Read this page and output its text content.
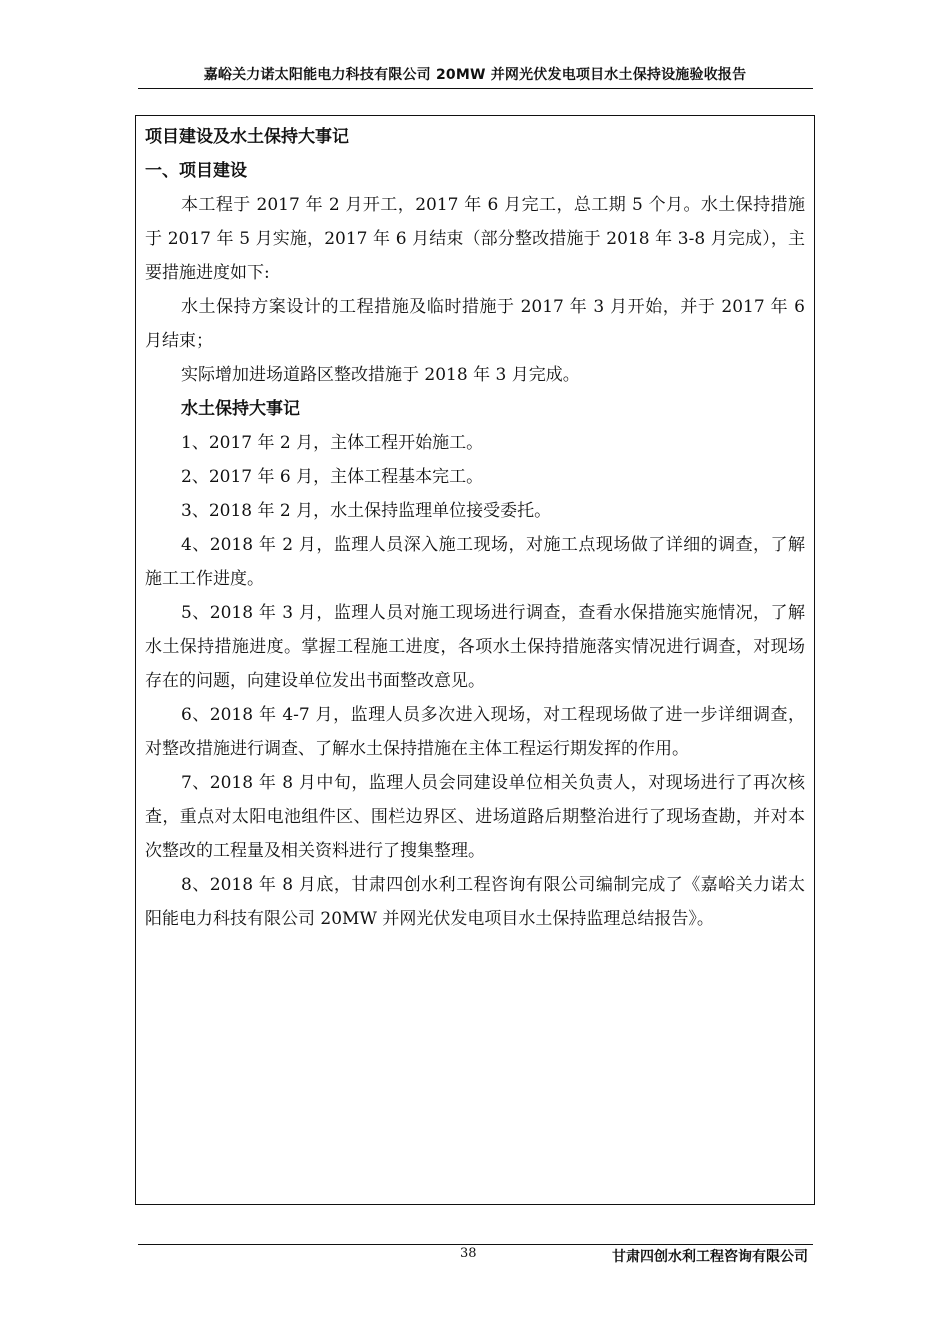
嘉峪关力诺太阳能电力科技有限公司 20MW 并网光伏发电项目水土保持设施验收报告

项目建设及水土保持大事记

一、项目建设

本工程于 2017 年 2 月开工，2017 年 6 月完工，总工期 5 个月。水土保持措施于 2017 年 5 月实施，2017 年 6 月结束（部分整改措施于 2018 年 3-8 月完成），主要措施进度如下:

水土保持方案设计的工程措施及临时措施于 2017 年 3 月开始，并于 2017 年 6 月结束；

实际增加进场道路区整改措施于 2018 年 3 月完成。

水土保持大事记

1、2017 年 2 月，主体工程开始施工。

2、2017 年 6 月，主体工程基本完工。

3、2018 年 2 月，水土保持监理单位接受委托。

4、2018 年 2 月，监理人员深入施工现场，对施工点现场做了详细的调查，了解施工工作进度。

5、2018 年 3 月，监理人员对施工现场进行调查，查看水保措施实施情况，了解水土保持措施进度。掌握工程施工进度，各项水土保持措施落实情况进行调查，对现场存在的问题，向建设单位发出书面整改意见。

6、2018 年 4-7 月，监理人员多次进入现场，对工程现场做了进一步详细调查，对整改措施进行调查、了解水土保持措施在主体工程运行期发挥的作用。

7、2018 年 8 月中旬，监理人员会同建设单位相关负责人，对现场进行了再次核查，重点对太阳电池组件区、围栏边界区、进场道路后期整治进行了现场查勘，并对本次整改的工程量及相关资料进行了搜集整理。

8、2018 年 8 月底，甘肃四创水利工程咨询有限公司编制完成了《嘉峪关力诺太阳能电力科技有限公司 20MW 并网光伏发电项目水土保持监理总结报告》。

38	甘肃四创水利工程咨询有限公司
